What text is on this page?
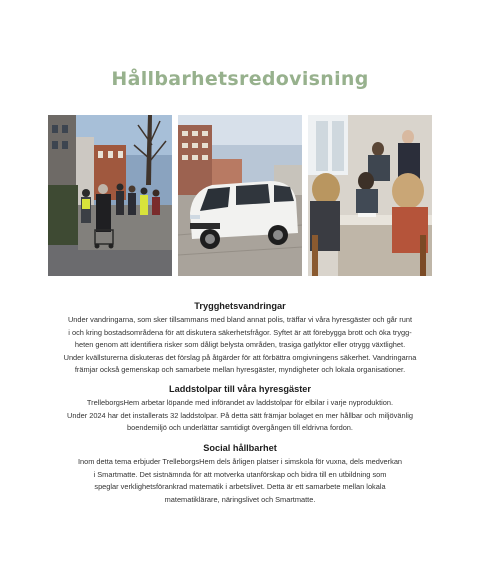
Hållbarhetsredovisning
Trygghetsvandringar

Under vandringarna, som sker tillsammans med bland annat polis, träffar vi våra hyresgäster och går runt
i och kring bostadsområdena för att diskutera säkerhetsfrågor. Syftet är att förebygga brott och öka trygg-
heten genom att identifiera risker som dåligt belysta områden, trasiga gatlyktor eller otrygg växtlighet.
Under kvällsturerna diskuteras det förslag på åtgärder för att förbättra omgivningens säkerhet. Vandringarna
främjar också gemenskap och samarbete mellan hyresgäster, myndigheter och lokala organisationer.

Laddstolpar till våra hyresgäster

TrelleborgsHem arbetar löpande med införandet av laddstolpar för elbilar i varje nyproduktion.
Under 2024 har det installerats 32 laddstolpar. På detta sätt främjar bolaget en mer hållbar och miljövänlig
boendemiljö och underlättar samtidigt övergången till eldrivna fordon.

Social hållbarhet

Inom detta tema erbjuder TrelleborgsHem dels årligen platser i simskola för vuxna, dels medverkan
i Smartmatte. Det sistnämnda för att motverka utanförskap och bidra till en utbildning som
speglar verklighetsförankrad matematik i arbetslivet. Detta är ett samarbete mellan lokala
matematiklärare, näringslivet och Smartmatte.
